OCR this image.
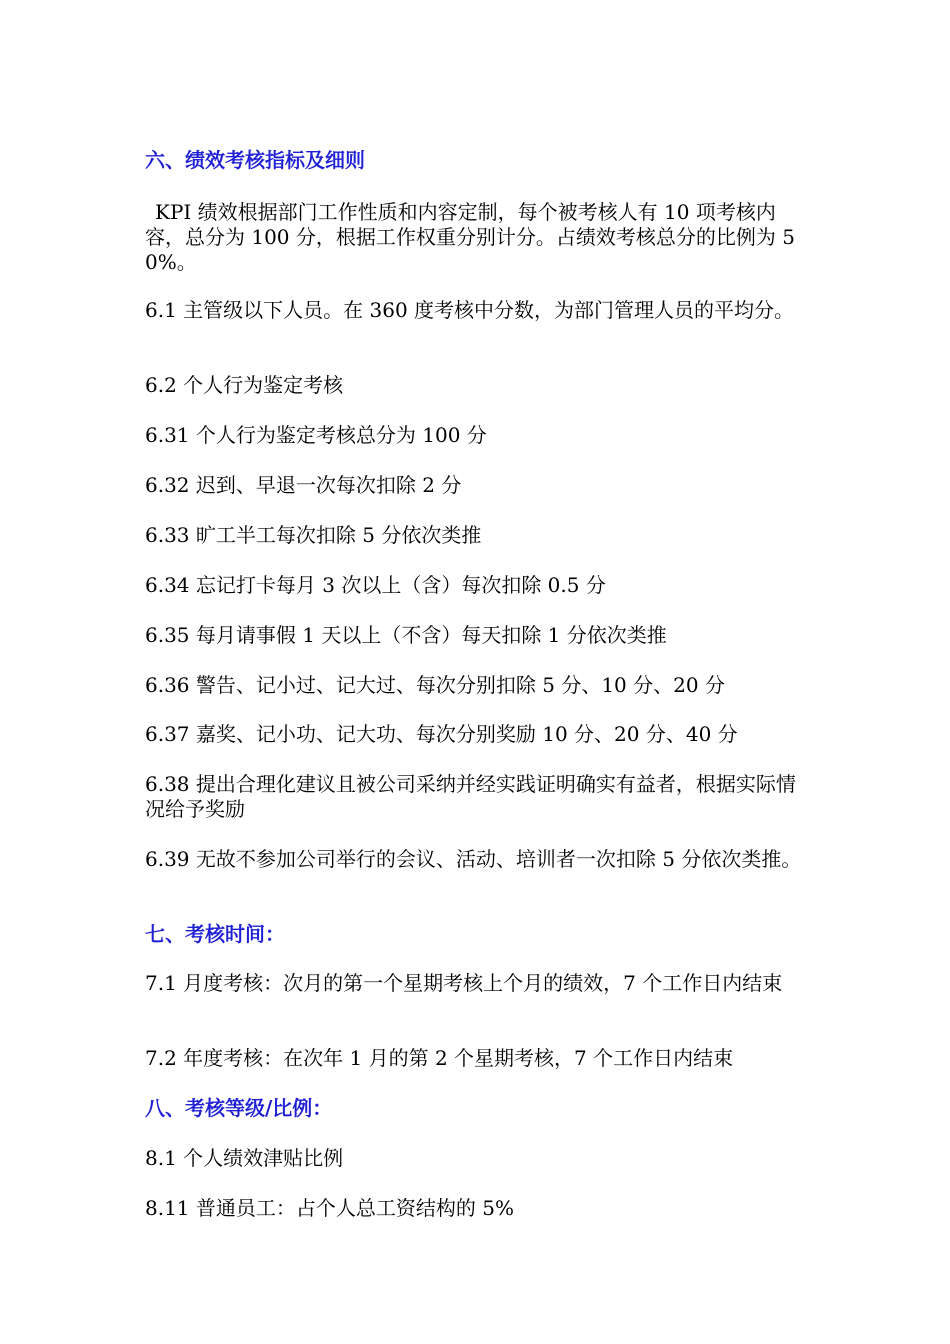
六、绩效考核指标及细则
KPI 绩效根据部门工作性质和内容定制，每个被考核人有 10 项考核内容，总分为 100 分，根据工作权重分别计分。占绩效考核总分的比例为 50%。
6.1 主管级以下人员。在 360 度考核中分数，为部门管理人员的平均分。
6.2 个人行为鉴定考核
6.31 个人行为鉴定考核总分为 100 分
6.32 迟到、早退一次每次扣除 2 分
6.33 旷工半工每次扣除 5 分依次类推
6.34 忘记打卡每月 3 次以上（含）每次扣除 0.5 分
6.35 每月请事假 1 天以上（不含）每天扣除 1 分依次类推
6.36 警告、记小过、记大过、每次分别扣除 5 分、10 分、20 分
6.37 嘉奖、记小功、记大功、每次分别奖励 10 分、20 分、40 分
6.38 提出合理化建议且被公司采纳并经实践证明确实有益者，根据实际情况给予奖励
6.39 无故不参加公司举行的会议、活动、培训者一次扣除 5 分依次类推。
七、考核时间：
7.1 月度考核：次月的第一个星期考核上个月的绩效，7 个工作日内结束
7.2 年度考核：在次年 1 月的第 2 个星期考核，7 个工作日内结束
八、考核等级/比例：
8.1 个人绩效津贴比例
8.11 普通员工：占个人总工资结构的 5%
